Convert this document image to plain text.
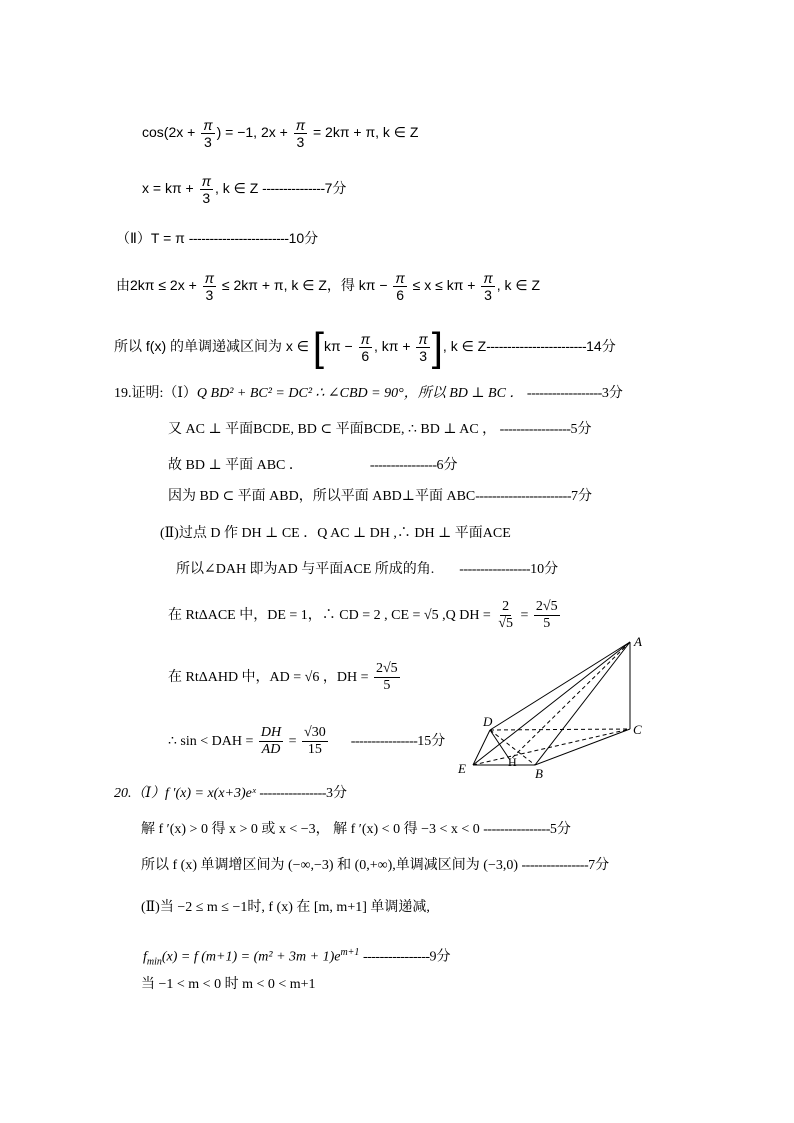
$\cos(2x + \frac{\pi}{3}$ ) = −1, $2x + \frac{\pi}{3} = 2k\pi + \pi$, k ∈ Z
$x = k\pi + \frac{\pi}{3}$ , k ∈ Z ---------------7分
（Ⅱ）T = π ------------------------10分
由$2k\pi \le 2x + \frac{\pi}{3} \le 2k\pi + \pi$, k ∈ Z，得 $k\pi - \frac{\pi}{6} \le x \le k\pi + \frac{\pi}{3}$ , k ∈ Z
所以 f(x) 的单调递减区间为 x ∈ [$k\pi - \frac{\pi}{6}$ , $k\pi + \frac{\pi}{3}$ ], k ∈ Z------------------------14分
19.证明:（Ⅰ）Q BD² + BC² = DC² ∴ ∠CBD = 90°，所以 BD ⊥ BC ． ------------------3分
又 AC ⊥ 平面BCDE, BD ⊂ 平面BCDE, ∴ BD ⊥ AC ， -----------------5分
故 BD ⊥ 平面 ABC ．	----------------6分
因为 BD ⊂ 平面 ABD，所以平面 ABD⊥平面 ABC-----------------------7分
(Ⅱ)过点 D 作 DH ⊥ CE ．Q AC ⊥ DH ,∴ DH ⊥ 平面ACE
所以∠DAH 即为AD 与平面ACE 所成的角. -----------------10分
在 RtΔACE 中，DE = 1，∴ CD = 2 , CE = √5 ,Q DH = $\frac{2}{√5} = \frac{2√5}{5}$
在 RtΔAHD 中，AD = √6 ，DH = $\frac{2√5}{5}$
∴ sin < DAH = $\frac{DH}{AD} = \frac{√30}{15} ----------------15$分
A
C
D
E	B
H
20.（Ⅰ）f ′(x) = x(x+3)eˣ ----------------3分
解 f ′(x) > 0 得 x > 0 或 x < −3， 解 f ′(x) < 0 得 −3 < x < 0 ----------------5分
所以 f (x) 单调增区间为 (−∞,−3) 和 (0,+∞),单调减区间为 (−3,0) ----------------7分
(Ⅱ)当 −2 ≤ m ≤ −1时, f (x) 在 [m, m+1] 单调递减,
$f_{min}(x) = f$ $(m+1) = (m^2 + 3m + 1)e^{m+1}$ ----------------9分
当 −1 < m < 0 时 m < 0 < m+1
